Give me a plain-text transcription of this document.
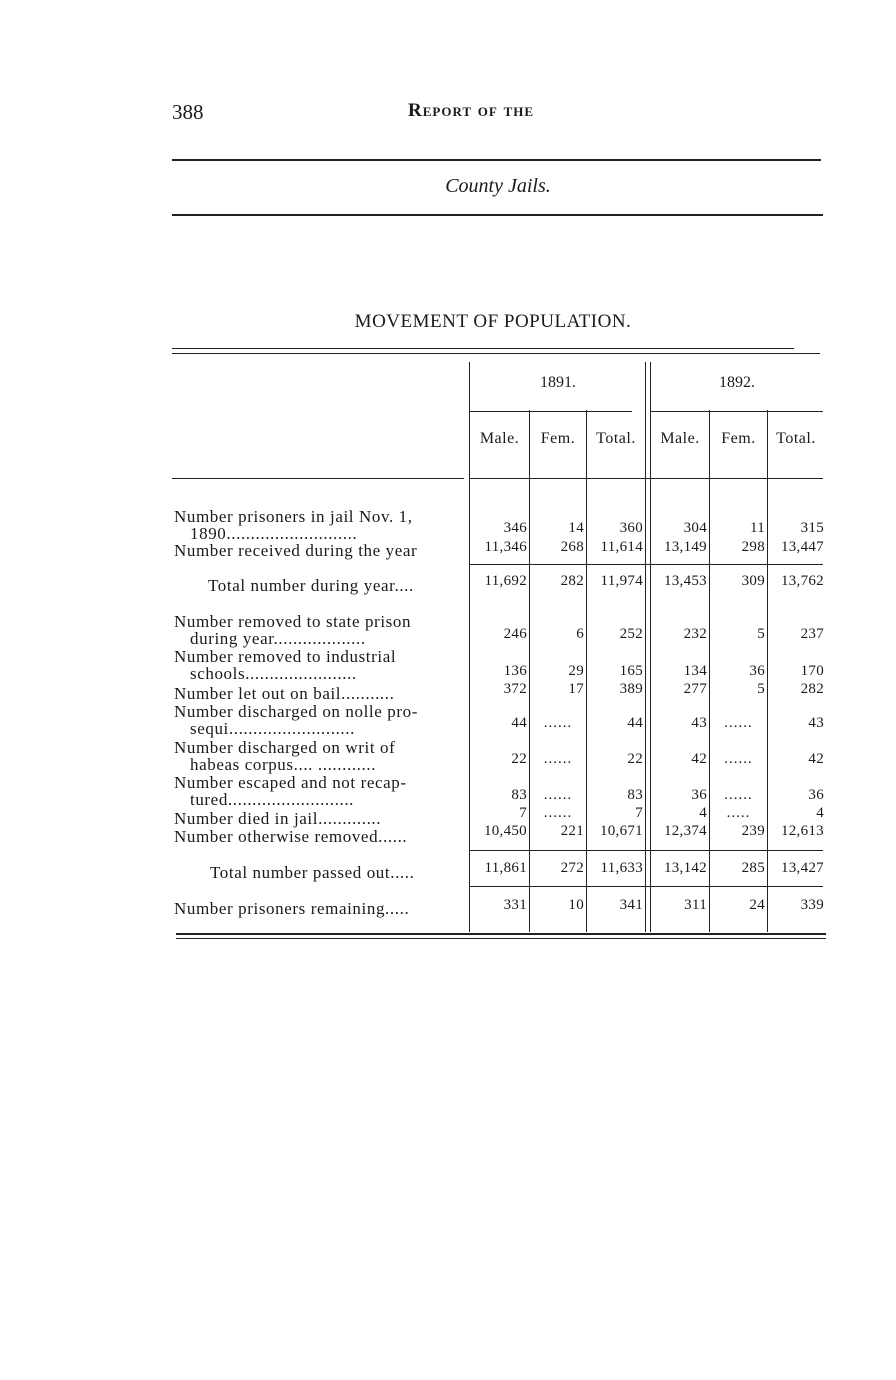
388	Report of the
County Jails.
MOVEMENT OF POPULATION.
1891.	1892.
Male.	Fem.	Total.	Male.	Fem.	Total.
Number prisoners in jail Nov. 1,
1890...........................	346	14	360	304	11	315
Number received during the year	11,346	268	11,614	13,149	298	13,447
Total number during year....	11,692	282	11,974	13,453	309	13,762
Number removed to state prison
during year...................	246	6	252	232	5	237
Number removed to industrial
schools.......................	136	29	165	134	36	170
Number let out on bail...........	372	17	389	277	5	282
Number discharged on nolle pro-
sequi..........................	44	......	44	43	......	43
Number discharged on writ of
habeas corpus.... ............	22	......	22	42	......	42
Number escaped and not recap-
tured..........................	83	......	83	36	......	36
Number died in jail.............	7	......	7	4	.....	4
Number otherwise removed......	10,450	221	10,671	12,374	239	12,613
Total number passed out.....	11,861	272	11,633	13,142	285	13,427
Number prisoners remaining.....	331	10	341	311	24	339
